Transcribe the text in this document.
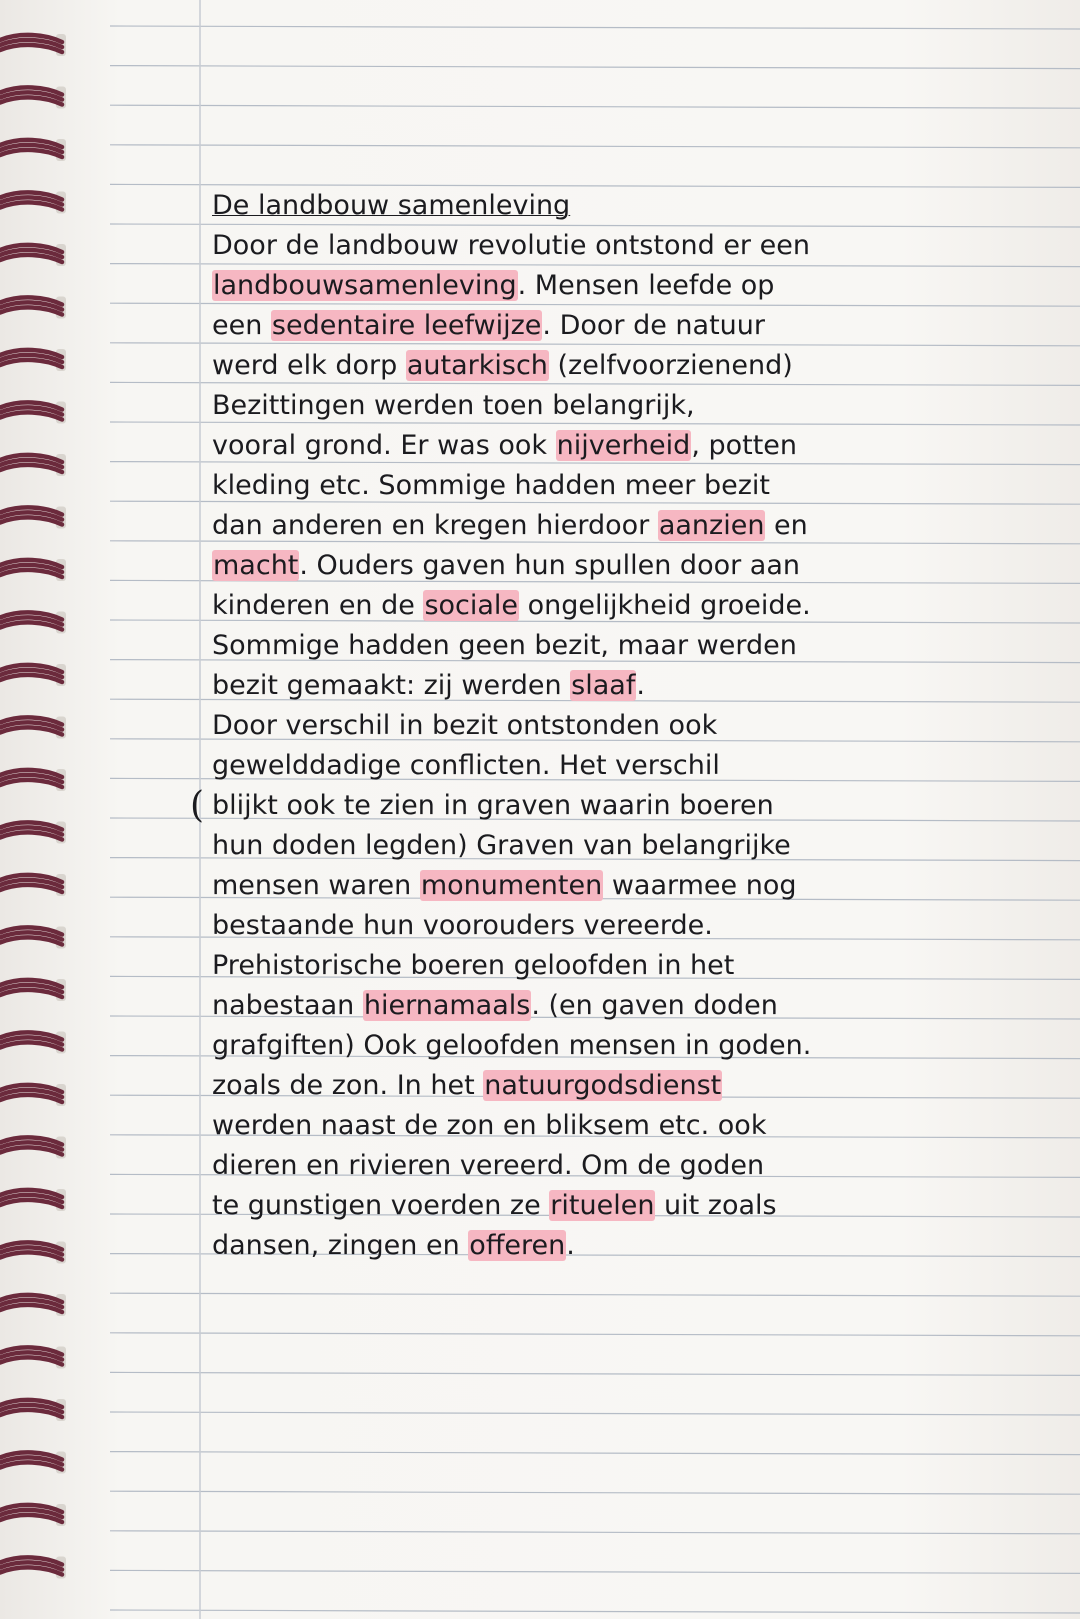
(
De landbouw samenleving
Door de landbouw revolutie ontstond er een
landbouwsamenleving. Mensen leefde op
een sedentaire leefwijze. Door de natuur
werd elk dorp autarkisch (zelfvoorzienend)
Bezittingen werden toen belangrijk,
vooral grond. Er was ook nijverheid, potten
kleding etc. Sommige hadden meer bezit
dan anderen en kregen hierdoor aanzien en
macht. Ouders gaven hun spullen door aan
kinderen en de sociale ongelijkheid groeide.
Sommige hadden geen bezit, maar werden
bezit gemaakt: zij werden slaaf.
Door verschil in bezit ontstonden ook
gewelddadige conflicten. Het verschil
blijkt ook te zien in graven waarin boeren
hun doden legden) Graven van belangrijke
mensen waren monumenten waarmee nog
bestaande hun voorouders vereerde.
Prehistorische boeren geloofden in het
nabestaan hiernamaals. (en gaven doden
grafgiften) Ook geloofden mensen in goden.
zoals de zon. In het natuurgodsdienst
werden naast de zon en bliksem etc. ook
dieren en rivieren vereerd. Om de goden
te gunstigen voerden ze rituelen uit zoals
dansen, zingen en offeren.
